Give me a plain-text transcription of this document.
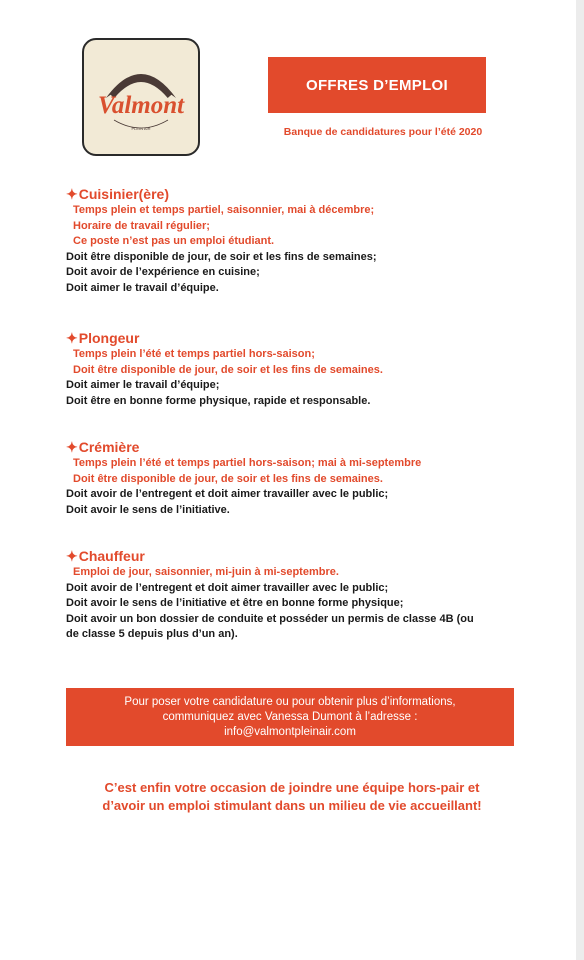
Valmont
PLEIN AIR
OFFRES D’EMPLOI
Banque de candidatures pour l’été 2020
✦Cuisinier(ère)
Temps plein et temps partiel, saisonnier, mai à décembre;
Horaire de travail régulier;
Ce poste n’est pas un emploi étudiant.
Doit être disponible de jour, de soir et les fins de semaines;
Doit avoir de l’expérience en cuisine;
Doit aimer le travail d’équipe.
✦Plongeur
Temps plein l’été et temps partiel hors-saison;
Doit être disponible de jour, de soir et les fins de semaines.
Doit aimer le travail d’équipe;
Doit être en bonne forme physique, rapide et responsable.
✦Crémière
Temps plein l’été et temps partiel hors-saison; mai à mi-septembre
Doit être disponible de jour, de soir et les fins de semaines.
Doit avoir de l’entregent et doit aimer travailler avec le public;
Doit avoir le sens de l’initiative.
✦Chauffeur
Emploi de jour, saisonnier, mi-juin à mi-septembre.
Doit avoir de l’entregent et doit aimer travailler avec le public;
Doit avoir le sens de l’initiative et être en bonne forme physique;
Doit avoir un bon dossier de conduite et posséder un permis de classe 4B (ou
de classe 5 depuis plus d’un an).
Pour poser votre candidature ou pour obtenir plus d’informations,
communiquez avec Vanessa Dumont à l’adresse :
info@valmontpleinair.com
C’est enfin votre occasion de joindre une équipe hors-pair et
d’avoir un emploi stimulant dans un milieu de vie accueillant!
